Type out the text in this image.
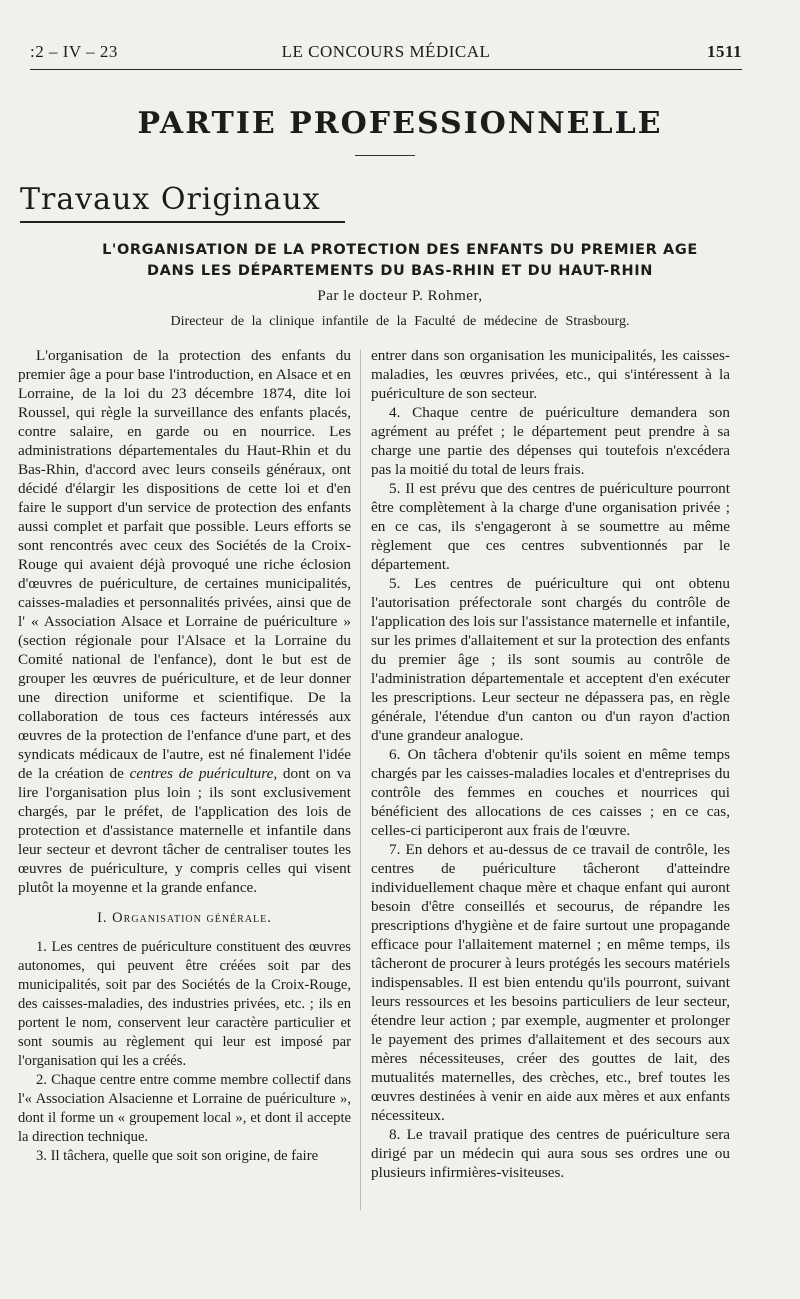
:2 – IV – 23	LE CONCOURS MÉDICAL	1511
PARTIE PROFESSIONNELLE
Travaux Originaux
L'ORGANISATION DE LA PROTECTION DES ENFANTS DU PREMIER AGE
DANS LES DÉPARTEMENTS DU BAS-RHIN ET DU HAUT-RHIN
Par le docteur P. Rohmer,
Directeur de la clinique infantile de la Faculté de médecine de Strasbourg.

L'organisation de la protection des enfants du premier âge a pour base l'introduction, en Alsace et en Lorraine, de la loi du 23 décembre 1874, dite loi Roussel, qui règle la surveillance des enfants placés, contre salaire, en garde ou en nourrice. Les administrations départementales du Haut-Rhin et du Bas-Rhin, d'accord avec leurs conseils généraux, ont décidé d'élargir les dispositions de cette loi et d'en faire le support d'un service de protection des enfants aussi complet et parfait que possible. Leurs efforts se sont rencontrés avec ceux des Sociétés de la Croix-Rouge qui avaient déjà provoqué une riche éclosion d'œuvres de puériculture, de certaines municipalités, caisses-maladies et personnalités privées, ainsi que de l' « Association Alsace et Lorraine de puériculture » (section régionale pour l'Alsace et la Lorraine du Comité national de l'enfance), dont le but est de grouper les œuvres de puériculture, et de leur donner une direction uniforme et scientifique. De la collaboration de tous ces facteurs intéressés aux œuvres de la protection de l'enfance d'une part, et des syndicats médicaux de l'autre, est né finalement l'idée de la création de centres de puériculture, dont on va lire l'organisation plus loin ; ils sont exclusivement chargés, par le préfet, de l'application des lois de protection et d'assistance maternelle et infantile dans leur secteur et devront tâcher de centraliser toutes les œuvres de puériculture, y compris celles qui visent plutôt la moyenne et la grande enfance.

I. Organisation générale.

1. Les centres de puériculture constituent des œuvres autonomes, qui peuvent être créées soit par des municipalités, soit par des Sociétés de la Croix-Rouge, des caisses-maladies, des industries privées, etc. ; ils en portent le nom, conservent leur caractère particulier et sont soumis au règlement qui leur est imposé par l'organisation qui les a créés.

2. Chaque centre entre comme membre collectif dans l'« Association Alsacienne et Lorraine de puériculture », dont il forme un « groupement local », et dont il accepte la direction technique.

3. Il tâchera, quelle que soit son origine, de faire

entrer dans son organisation les municipalités, les caisses-maladies, les œuvres privées, etc., qui s'intéressent à la puériculture de son secteur.

4. Chaque centre de puériculture demandera son agrément au préfet ; le département peut prendre à sa charge une partie des dépenses qui toutefois n'excédera pas la moitié du total de leurs frais.

5. Il est prévu que des centres de puériculture pourront être complètement à la charge d'une organisation privée ; en ce cas, ils s'engageront à se soumettre au même règlement que ces centres subventionnés par le département.

5. Les centres de puériculture qui ont obtenu l'autorisation préfectorale sont chargés du contrôle de l'application des lois sur l'assistance maternelle et infantile, sur les primes d'allaitement et sur la protection des enfants du premier âge ; ils sont soumis au contrôle de l'administration départementale et acceptent d'en exécuter les prescriptions. Leur secteur ne dépassera pas, en règle générale, l'étendue d'un canton ou d'un rayon d'action d'une grandeur analogue.

6. On tâchera d'obtenir qu'ils soient en même temps chargés par les caisses-maladies locales et d'entreprises du contrôle des femmes en couches et nourrices qui bénéficient des allocations de ces caisses ; en ce cas, celles-ci participeront aux frais de l'œuvre.

7. En dehors et au-dessus de ce travail de contrôle, les centres de puériculture tâcheront d'atteindre individuellement chaque mère et chaque enfant qui auront besoin d'être conseillés et secourus, de répandre les prescriptions d'hygiène et de faire surtout une propagande efficace pour l'allaitement maternel ; en même temps, ils tâcheront de procurer à leurs protégés les secours matériels indispensables. Il est bien entendu qu'ils pourront, suivant leurs ressources et les besoins particuliers de leur secteur, étendre leur action ; par exemple, augmenter et prolonger le payement des primes d'allaitement et des secours aux mères nécessiteuses, créer des gouttes de lait, des mutualités maternelles, des crèches, etc., bref toutes les œuvres destinées à venir en aide aux mères et aux enfants nécessiteux.

8. Le travail pratique des centres de puériculture sera dirigé par un médecin qui aura sous ses ordres une ou plusieurs infirmières-visiteuses.
